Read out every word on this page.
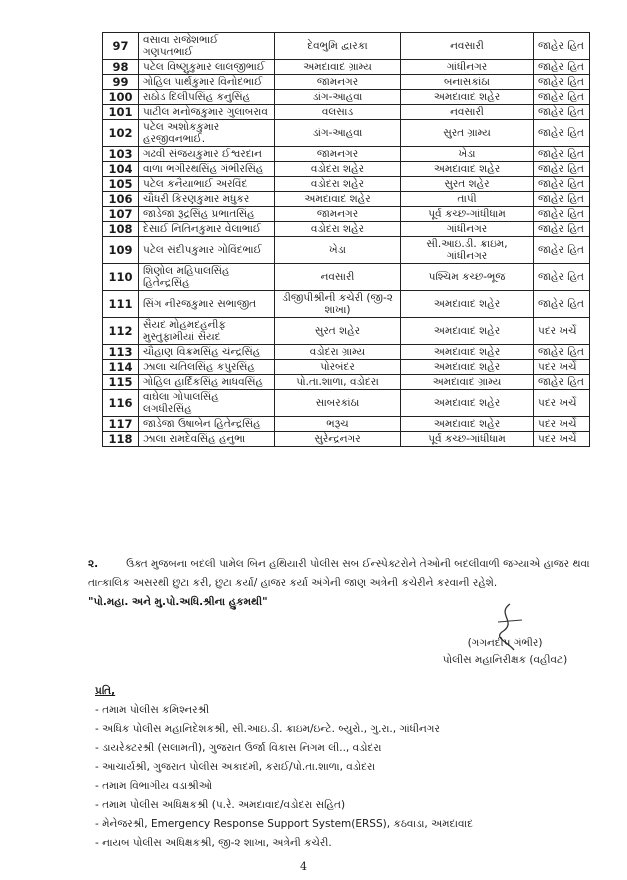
97	વસાવા રાજેશભાઈ ગણપતભાઈ	દેવભુમિ દ્વારકા	નવસારી	જાહેર હિત
98	પટેલ વિષ્ણુકુમાર લાલજીભાઈ	અમદાવાદ ગ્રામ્ય	ગાંધીનગર	જાહેર હિત
99	ગોહિલ પાર્થકુમાર વિનોદભાઈ	જામનગર	બનાસકાંઠા	જાહેર હિત
100	રાઠોડ દિલીપસિંહ કનુસિંહ	ડાંગ-આહવા	અમદાવાદ શહેર	જાહેર હિત
101	પાટીલ મનોજકુમાર ગુલાબરાવ	વલસાડ	નવસારી	જાહેર હિત
102	પટેલ અશોકકુમાર હરજીવનભાઈ.	ડાંગ-આહવા	સુરત ગ્રામ્ય	જાહેર હિત
103	ગઢવી સંજયકુમાર ઈશ્વરદાન	જામનગર	ખેડા	જાહેર હિત
104	વાળા ભગીરથસિંહ ગંભીરસિંહ	વડોદરા શહેર	અમદાવાદ શહેર	જાહેર હિત
105	પટેલ કનૈયાભાઈ અરવિંદ	વડોદરા શહેર	સુરત શહેર	જાહેર હિત
106	ચૌધરી કિરણકુમાર મધુકર	અમદાવાદ શહેર	તાપી	જાહેર હિત
107	જાડેજા રૂદ્રસિંહ પ્રભાતસિંહ	જામનગર	પૂર્વ કચ્છ-ગાંધીધામ	જાહેર હિત
108	દેસાઈ નિતિનકુમાર વેલાભાઈ	વડોદરા શહેર	ગાંધીનગર	જાહેર હિત
109	પટેલ સંદીપકુમાર ગોવિંદભાઈ	ખેડા	સી.આઇ.ડી. ક્રાઇમ, ગાંધીનગર	જાહેર હિત
110	શિણોલ મહિપાલસિંહ હિતેન્દ્રસિંહ	નવસારી	પશ્ચિમ કચ્છ-ભૂજ	જાહેર હિત
111	સિંગ નીરજકુમાર સભાજીત	ડીજીપીશ્રીની કચેરી (જી-૨ શાખા)	અમદાવાદ શહેર	જાહેર હિત
112	સૈયદ મોહમદહનીફ મુસ્તુફામીયાં સૈયદ	સુરત શહેર	અમદાવાદ શહેર	પદર ખર્ચે
113	ચૌહાણ વિક્રમસિંહ ચંન્દ્રસિંહ	વડોદરા ગ્રામ્ય	અમદાવાદ શહેર	જાહેર હિત
114	ઝાલા ચતિલસિંહ કપુરસિંહ	પોરબંદર	અમદાવાદ શહેર	પદર ખર્ચે
115	ગોહિલ હાર્દિકસિંહ માધવસિંહ	પો.તા.શાળા, વડોદરા	અમદાવાદ ગ્રામ્ય	જાહેર હિત
116	વાઘેલા ગોપાલસિંહ લગધીરસિંહ	સાબરકાંઠા	અમદાવાદ શહેર	પદર ખર્ચે
117	જાડેજા ઉષાબેન હિતેન્દ્રસિંહ	ભરૂચ	અમદાવાદ શહેર	પદર ખર્ચે
118	ઝાલા રામદેવસિંહ હનુભા	સુરેન્દ્રનગર	પૂર્વ કચ્છ-ગાંધીધામ	પદર ખર્ચે
૨.	ઉક્ત મુજબના બદલી પામેલ બિન હથિયારી પોલીસ સબ ઈન્સ્પેક્ટરોને તેઓની બદલીવાળી જગ્યાએ હાજર થવા તાત્કાલિક અસરથી છુટા કરી, છુટા કર્યા/ હાજર કર્યા અંગેની જાણ અત્રેની કચેરીને કરવાની રહેશે.
"પો.મહા. અને મુ.પો.અધિ.શ્રીના હુકમથી"
(ગગનદીપ ગંભીર)
પોલીસ મહાનિરીક્ષક (વહીવટ)
પ્રતિ,
- તમામ પોલીસ કમિશ્નરશ્રી
- અધિક પોલીસ મહાનિદેશકશ્રી, સી.આઇ.ડી. ક્રાઇમ/ઇન્ટે. બ્યુરો., ગુ.રા., ગાંધીનગર
- ડાયરેક્ટરશ્રી (સલામતી), ગુજરાત ઉર્જા વિકાસ નિગમ લી.., વડોદરા
- આચાર્યશ્રી, ગુજરાત પોલીસ અકાદમી, કરાઈ/પો.તા.શાળા, વડોદરા
- તમામ વિભાગીય વડાશ્રીઓ
- તમામ પોલીસ અધિક્ષકશ્રી (પ.રે. અમદાવાદ/વડોદરા સહિત)
- મેનેજરશ્રી, Emergency Response Support System(ERSS), કઠવાડા, અમદાવાદ
- નાયબ પોલીસ અધિક્ષકશ્રી, જી-૨ શાખા, અત્રેની કચેરી.
4
